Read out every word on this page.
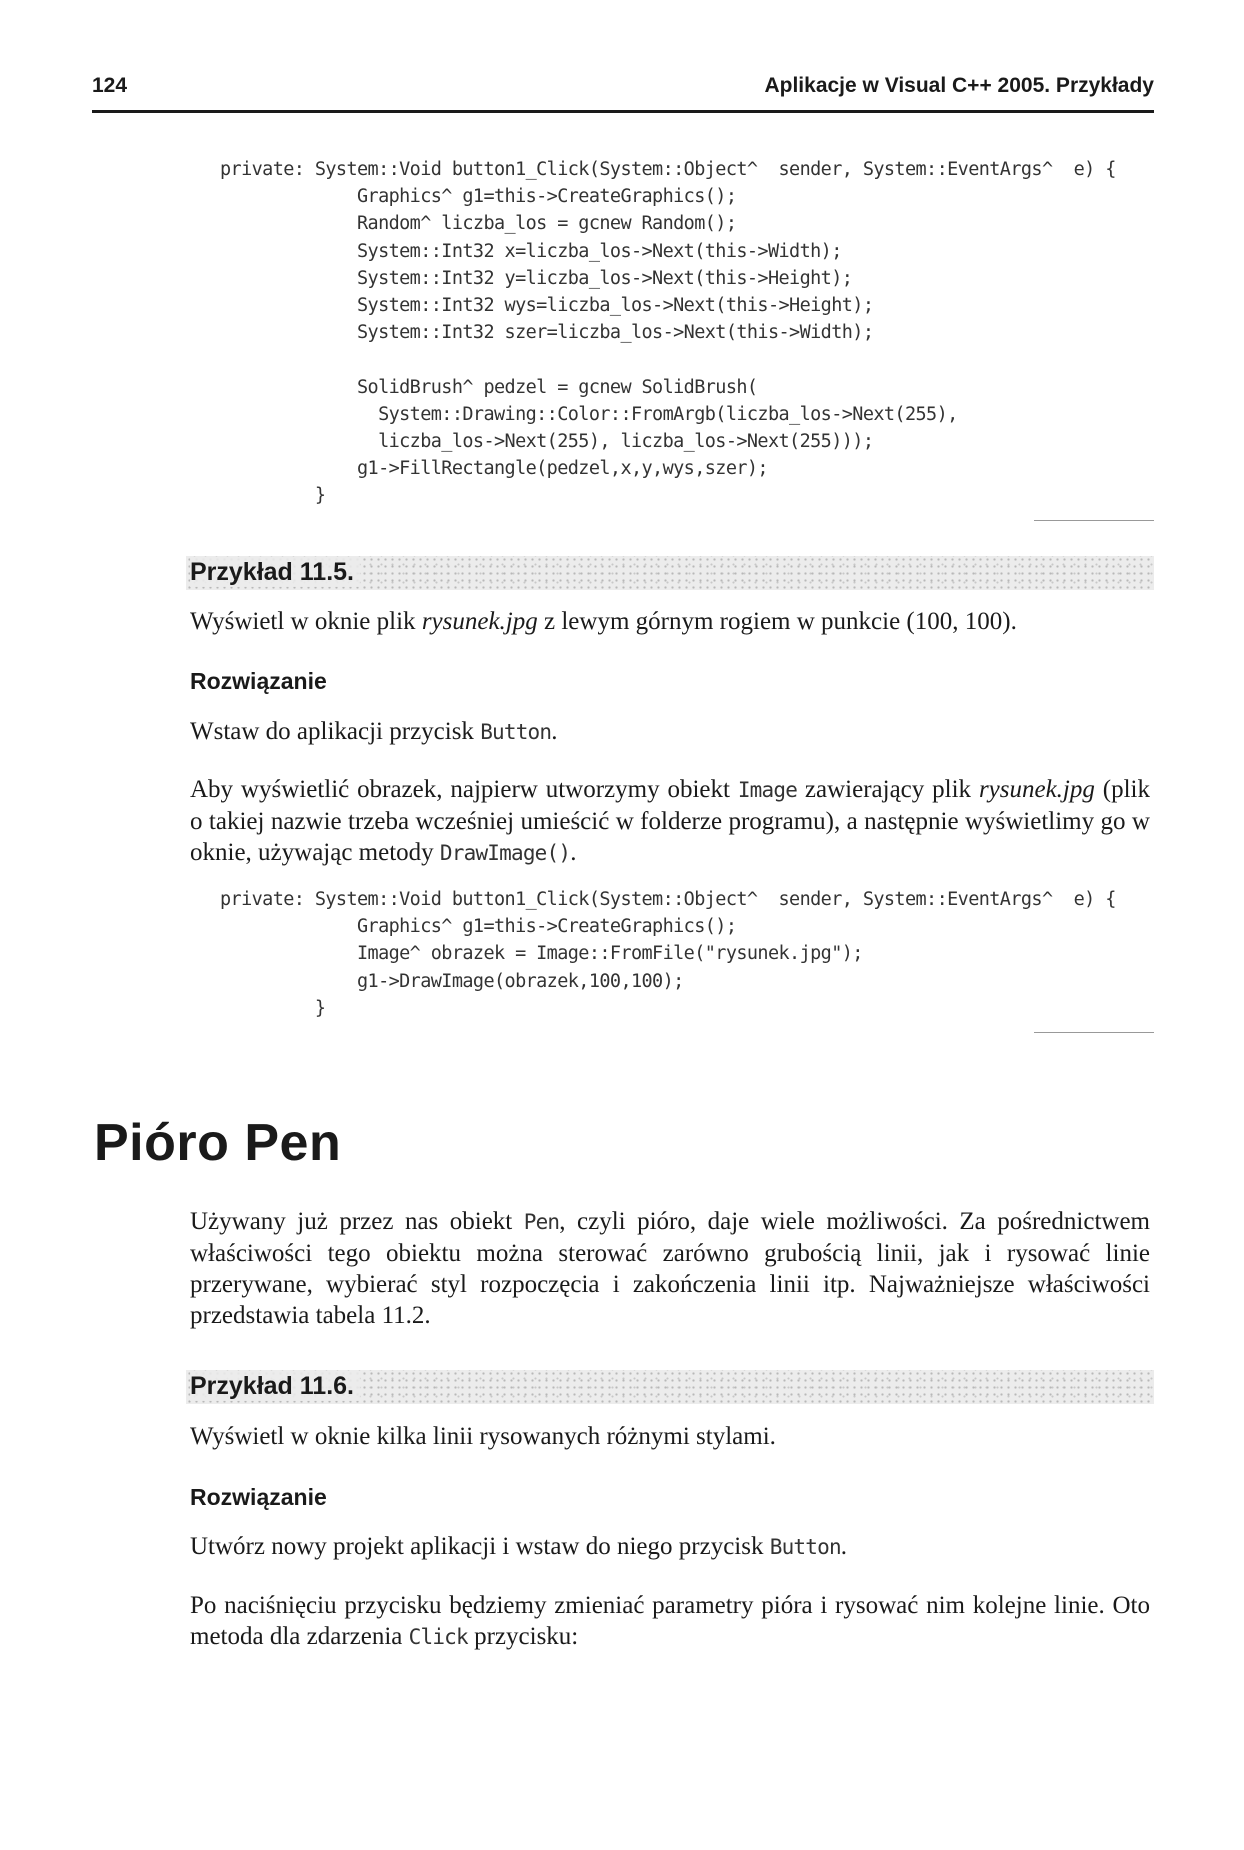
124	Aplikacje w Visual C++ 2005. Przykłady
private: System::Void button1_Click(System::Object^  sender, System::EventArgs^  e) {
Graphics^ g1=this->CreateGraphics();
Random^ liczba_los = gcnew Random();
System::Int32 x=liczba_los->Next(this->Width);
System::Int32 y=liczba_los->Next(this->Height);
System::Int32 wys=liczba_los->Next(this->Height);
System::Int32 szer=liczba_los->Next(this->Width);

SolidBrush^ pedzel = gcnew SolidBrush(
System::Drawing::Color::FromArgb(liczba_los->Next(255),
liczba_los->Next(255), liczba_los->Next(255)));
g1->FillRectangle(pedzel,x,y,wys,szer);
}
Przykład 11.5.

Wyświetl w oknie plik rysunek.jpg z lewym górnym rogiem w punkcie (100, 100).

Rozwiązanie

Wstaw do aplikacji przycisk Button.

Aby wyświetlić obrazek, najpierw utworzymy obiekt Image zawierający plik rysunek.jpg (plik o takiej nazwie trzeba wcześniej umieścić w folderze programu), a następnie wyświetlimy go w oknie, używając metody DrawImage().

private: System::Void button1_Click(System::Object^  sender, System::EventArgs^  e) {
Graphics^ g1=this->CreateGraphics();
Image^ obrazek = Image::FromFile("rysunek.jpg");
g1->DrawImage(obrazek,100,100);
}
Pióro Pen

Używany już przez nas obiekt Pen, czyli pióro, daje wiele możliwości. Za pośrednictwem właściwości tego obiektu można sterować zarówno grubością linii, jak i rysować linie przerywane, wybierać styl rozpoczęcia i zakończenia linii itp. Najważniejsze właściwości przedstawia tabela 11.2.

Przykład 11.6.

Wyświetl w oknie kilka linii rysowanych różnymi stylami.

Rozwiązanie

Utwórz nowy projekt aplikacji i wstaw do niego przycisk Button.

Po naciśnięciu przycisku będziemy zmieniać parametry pióra i rysować nim kolejne linie. Oto metoda dla zdarzenia Click przycisku:
